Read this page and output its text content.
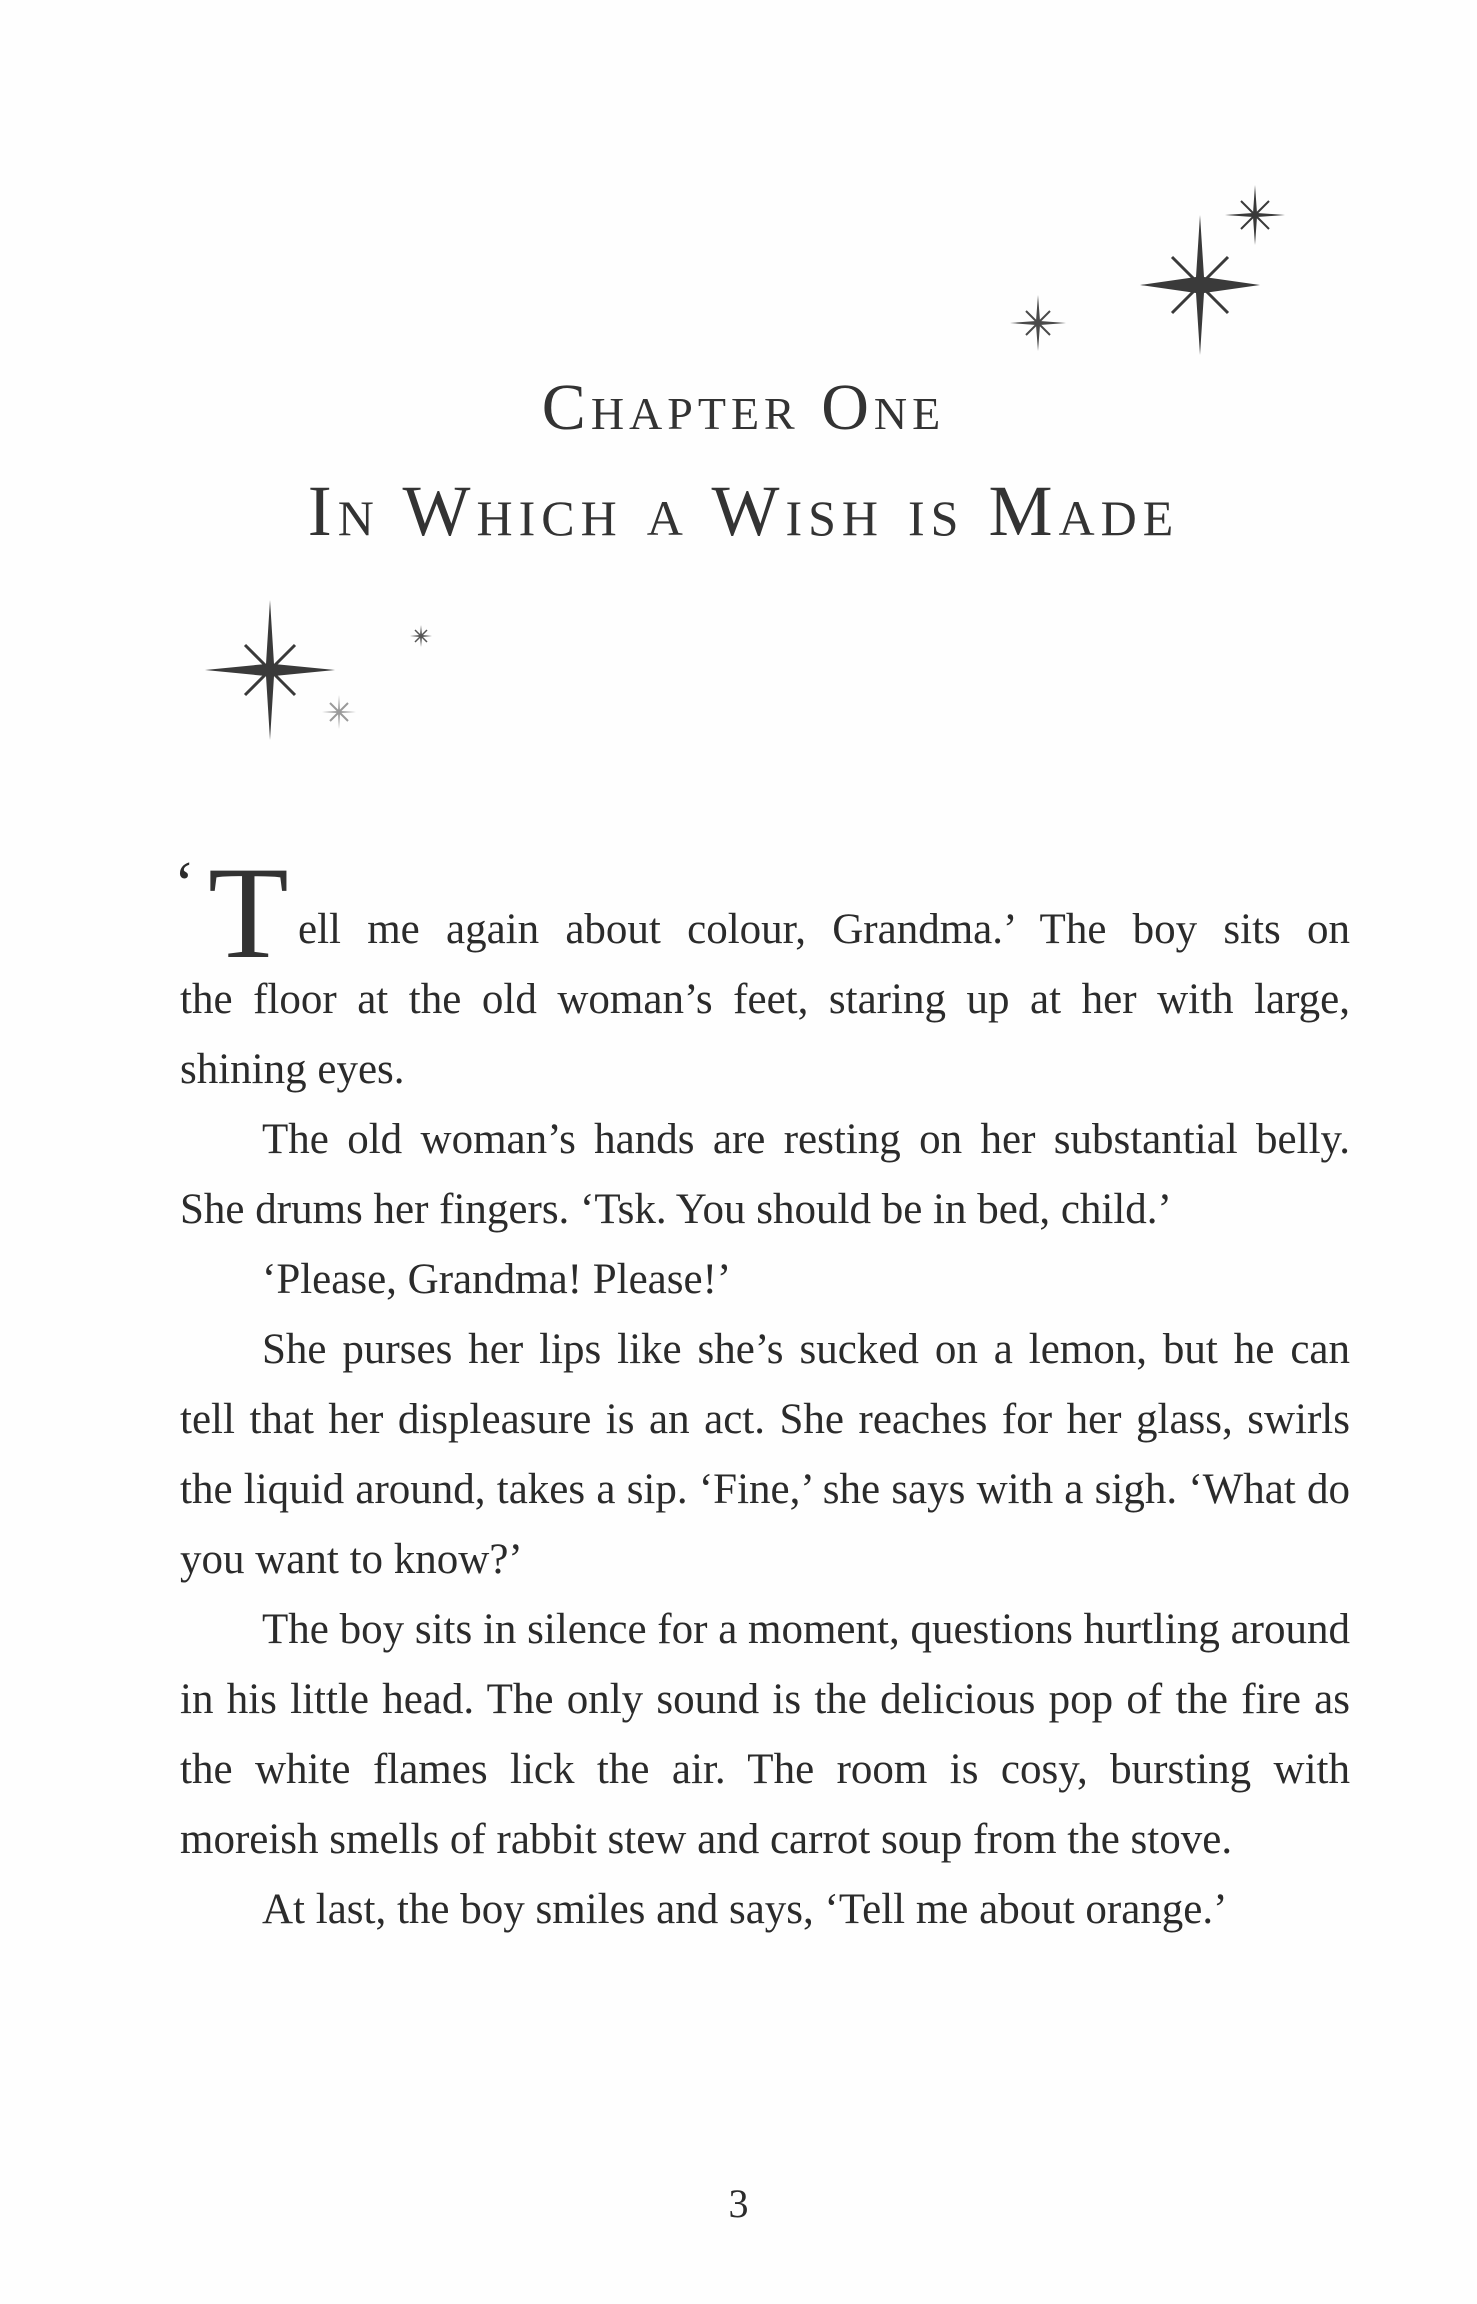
Chapter One
In Which a Wish is Made

‘ T ell me again about colour, Grandma.’ The boy sits on
the floor at the old woman’s feet, staring up at her with large, shining eyes.

The old woman’s hands are resting on her substantial belly. She drums her fingers. ‘Tsk. You should be in bed, child.’

‘Please, Grandma! Please!’

She purses her lips like she’s sucked on a lemon, but he can tell that her displeasure is an act. She reaches for her glass, swirls the liquid around, takes a sip. ‘Fine,’ she says with a sigh. ‘What do you want to know?’

The boy sits in silence for a moment, questions hurtling around in his little head. The only sound is the delicious pop of the fire as the white flames lick the air. The room is cosy, bursting with moreish smells of rabbit stew and carrot soup from the stove.

At last, the boy smiles and says, ‘Tell me about orange.’

3
